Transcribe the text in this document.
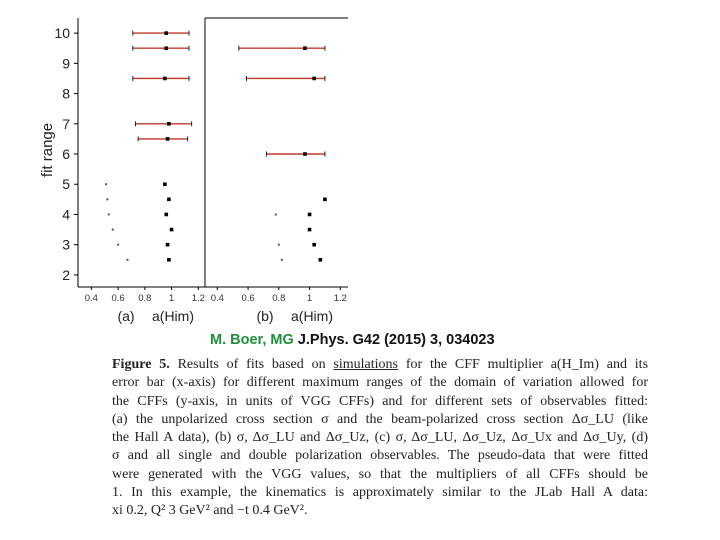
2
3
4
5
6
7
8
9
10
fit range
0.4 0.6 0.8 1 1.2
(a) a(Him)
0.4 0.6 0.8 1 1.2
(b) a(Him)
M. Boer, MG J.Phys. G42 (2015) 3, 034023
Figure 5. Results of fits based on simulations for the CFF multiplier a(H_Im) and its
error bar (x-axis) for different maximum ranges of the domain of variation allowed for
the CFFs (y-axis, in units of VGG CFFs) and for different sets of observables fitted:
(a) the unpolarized cross section σ and the beam-polarized cross section Δσ_LU (like
the Hall A data), (b) σ, Δσ_LU and Δσ_Uz, (c) σ, Δσ_LU, Δσ_Uz, Δσ_Ux and Δσ_Uy, (d)
σ and all single and double polarization observables. The pseudo-data that were fitted
were generated with the VGG values, so that the multipliers of all CFFs should be
1. In this example, the kinematics is approximately similar to the JLab Hall A data:
xi 0.2, Q² 3 GeV² and −t 0.4 GeV².
